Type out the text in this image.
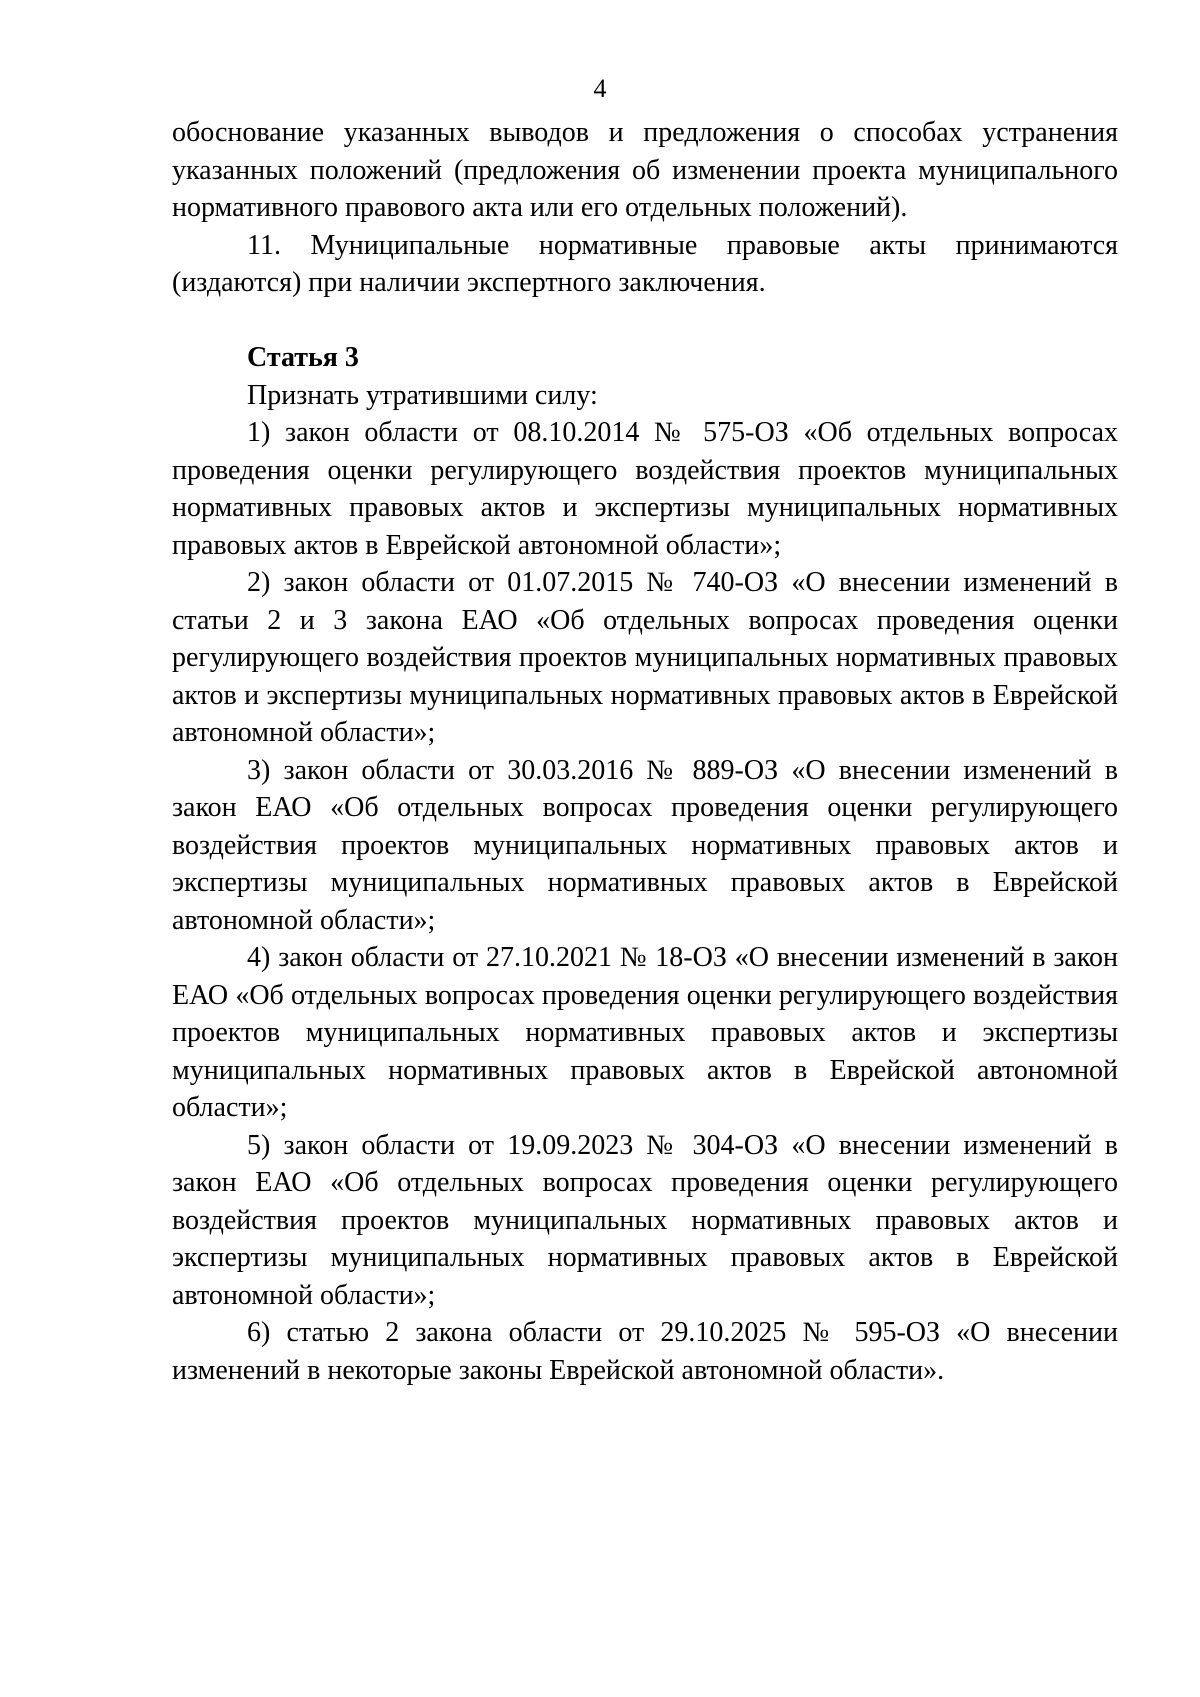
4

обоснование указанных выводов и предложения о способах устранения указанных положений (предложения об изменении проекта муниципального нормативного правового акта или его отдельных положений).

11. Муниципальные нормативные правовые акты принимаются (издаются) при наличии экспертного заключения.

Статья 3

Признать утратившими силу:

1) закон области от 08.10.2014 № 575-ОЗ «Об отдельных вопросах проведения оценки регулирующего воздействия проектов муниципальных нормативных правовых актов и экспертизы муниципальных нормативных правовых актов в Еврейской автономной области»;

2) закон области от 01.07.2015 № 740-ОЗ «О внесении изменений в статьи 2 и 3 закона ЕАО «Об отдельных вопросах проведения оценки регулирующего воздействия проектов муниципальных нормативных правовых актов и экспертизы муниципальных нормативных правовых актов в Еврейской автономной области»;

3) закон области от 30.03.2016 № 889-ОЗ «О внесении изменений в закон ЕАО «Об отдельных вопросах проведения оценки регулирующего воздействия проектов муниципальных нормативных правовых актов и экспертизы муниципальных нормативных правовых актов в Еврейской автономной области»;

4) закон области от 27.10.2021 № 18-ОЗ «О внесении изменений в закон ЕАО «Об отдельных вопросах проведения оценки регулирующего воздействия проектов муниципальных нормативных правовых актов и экспертизы муниципальных нормативных правовых актов в Еврейской автономной области»;

5) закон области от 19.09.2023 № 304-ОЗ «О внесении изменений в закон ЕАО «Об отдельных вопросах проведения оценки регулирующего воздействия проектов муниципальных нормативных правовых актов и экспертизы муниципальных нормативных правовых актов в Еврейской автономной области»;

6) статью 2 закона области от 29.10.2025 № 595-ОЗ «О внесении изменений в некоторые законы Еврейской автономной области».
